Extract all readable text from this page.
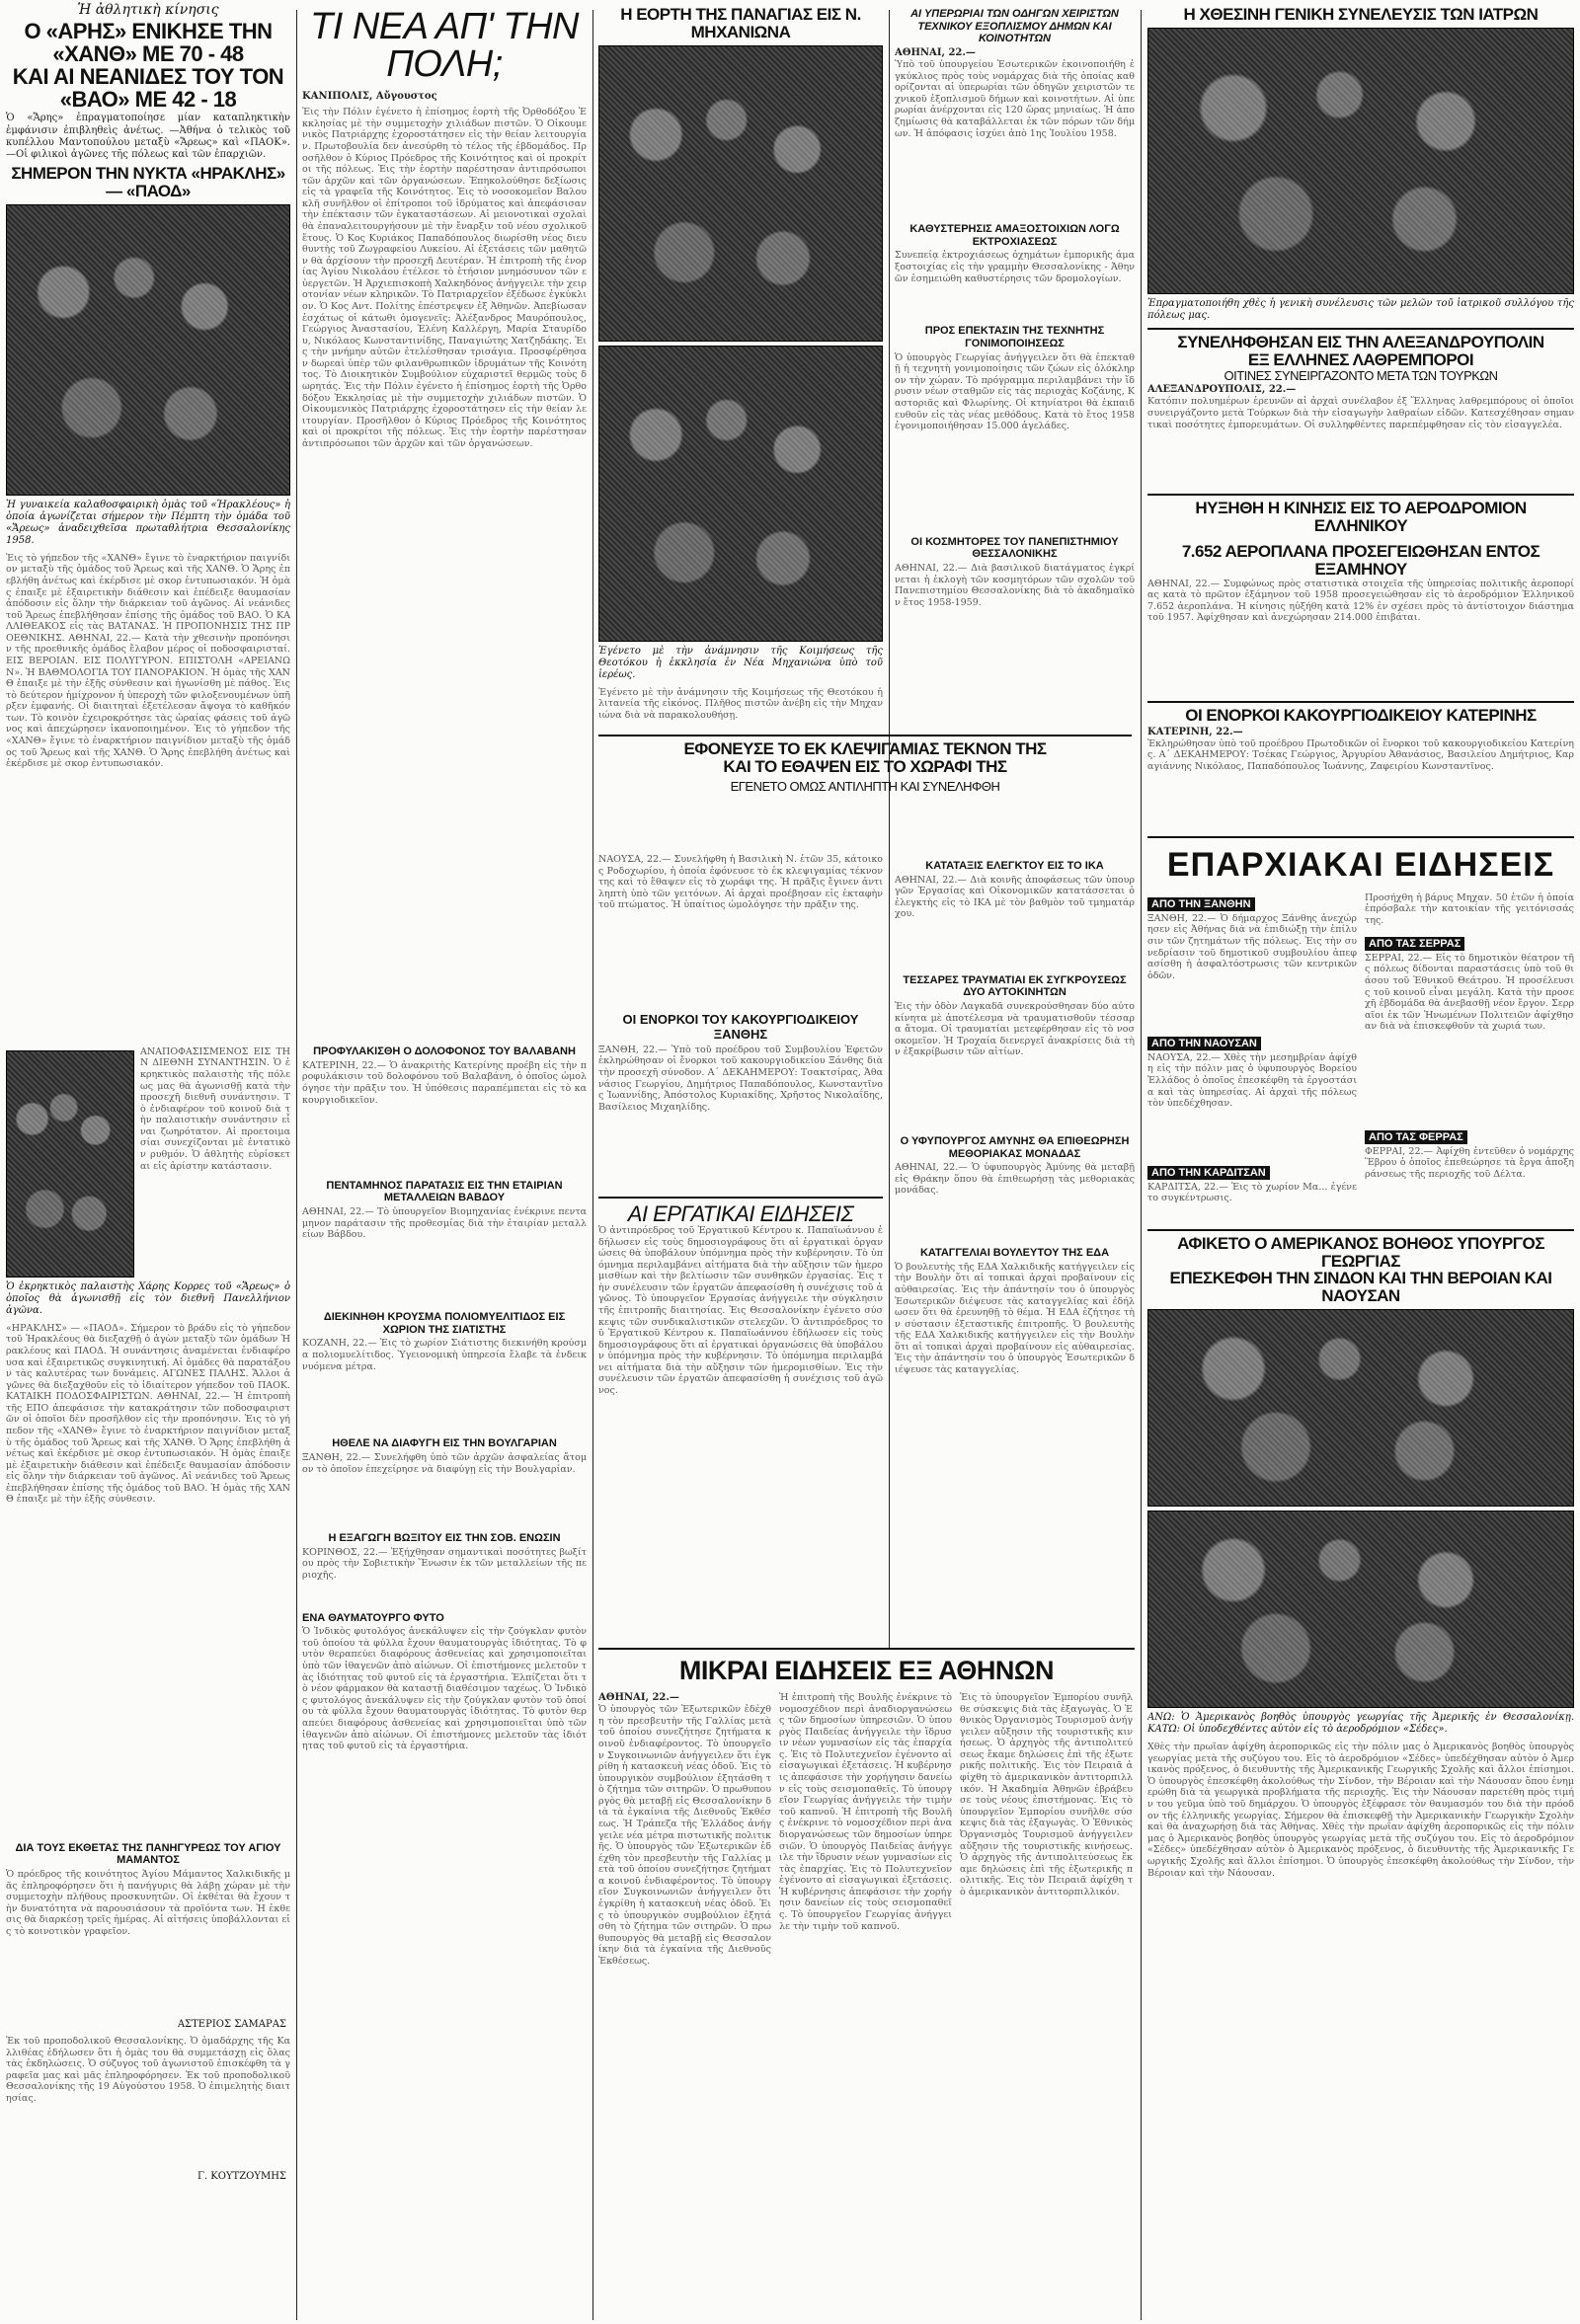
Ἡ ἀθλητικὴ κίνησις
Ο «ΑΡΗΣ» ΕΝΙΚΗΣΕ ΤΗΝ «ΧΑΝΘ» ΜΕ 70 - 48
ΚΑΙ ΑΙ ΝΕΑΝΙΔΕΣ ΤΟΥ ΤΟΝ «ΒΑΟ» ΜΕ 42 - 18
Ὁ «Ἄρης» ἐπραγματοποίησε μίαν καταπληκτικὴν ἐμφάνισιν ἐπιβληθεὶς ἀνέτως. —Ἀθήνα ὁ τελικὸς τοῦ κυπέλλου Μαντοπούλου μεταξὺ «Ἄρεως» καὶ «ΠΑΟΚ». —Οἱ φιλικοὶ ἀγῶνες τῆς πόλεως καὶ τῶν ἐπαρχιῶν.
ΣΗΜΕΡΟΝ ΤΗΝ ΝΥΚΤΑ «ΗΡΑΚΛΗΣ» — «ΠΑΟΔ»
Ἡ γυναικεία καλαθοσφαιρικὴ ὁμὰς τοῦ «Ἡρακλέους» ἡ ὁποία ἀγωνίζεται σήμερον τὴν Πέμπτη τὴν ὁμάδα τοῦ «Ἄρεως» ἀναδειχθεῖσα πρωταθλήτρια Θεσσαλονίκης 1958.
Ἐις τὸ γήπεδον τῆς «ΧΑΝΘ» ἔγινε τὸ ἐναρκτήριον παιγνίδιον μεταξὺ τῆς ὁμάδος τοῦ Ἄρεως καὶ τῆς ΧΑΝΘ. Ὁ Ἄρης ἐπεβλήθη ἀνέτως καὶ ἐκέρδισε μὲ σκορ ἐντυπωσιακόν. Ἡ ὁμὰς ἐπαιξε μὲ ἐξαιρετικὴν διάθεσιν καὶ ἐπέδειξε θαυμασίαν ἀπόδοσιν εἰς ὅλην τὴν διάρκειαν τοῦ ἀγῶνος. Αἱ νεάνιδες τοῦ Ἄρεως ἐπεβλήθησαν ἐπίσης τῆς ὁμάδος τοῦ ΒΑΟ. Ὁ ΚΑΛΛΙΘΕΑΚΟΣ εἰς τὰς ΒΑΤΑΝΑΣ. Ἡ ΠΡΟΠΟΝΗΣΙΣ ΤΗΣ ΠΡΟΕΘΝΙΚΗΣ. ΑΘΗΝΑΙ, 22.— Κατὰ τὴν χθεσινὴν προπόνησιν τῆς προεθνικῆς ὁμάδος ἔλαβον μέρος οἱ ποδοσφαιρισταί. ΕΙΣ ΒΕΡΟΙΑΝ. ΕΙΣ ΠΟΛΥΓΥΡΟΝ. ΕΠΙΣΤΟΛΗ «ΑΡΕΙΑΝΩΝ». Ἡ ΒΑΘΜΟΛΟΓΙΑ ΤΟΥ ΠΑΝΟΡΑΚΙΟΝ. Ἡ ὁμὰς τῆς ΧΑΝΘ ἐπαιξε μὲ τὴν ἑξῆς σύνθεσιν καὶ ἠγωνίσθη μὲ πάθος. Ἐις τὸ δεύτερον ἡμίχρονον ἡ ὑπεροχὴ τῶν φιλοξενουμένων ὑπῆρξεν ἐμφανής. Οἱ διαιτηταὶ ἐξετέλεσαν ἄψογα τὸ καθῆκόν των. Τὸ κοινὸν ἐχειροκρότησε τὰς ὡραίας φάσεις τοῦ ἀγῶνος καὶ ἀπεχώρησεν ἱκανοποιημένον. Ἐις τὸ γήπεδον τῆς «ΧΑΝΘ» ἔγινε τὸ ἐναρκτήριον παιγνίδιον μεταξὺ τῆς ὁμάδος τοῦ Ἄρεως καὶ τῆς ΧΑΝΘ. Ὁ Ἄρης ἐπεβλήθη ἀνέτως καὶ ἐκέρδισε μὲ σκορ ἐντυπωσιακόν.
ΑΝΑΠΟΦΑΣΙΣΜΕΝΟΣ ΕΙΣ ΤΗΝ ΔΙΕΘΝΗ ΣΥΝΑΝΤΗΣΙΝ. Ὁ ἐκρηκτικὸς παλαιστὴς τῆς πόλεως μας θὰ ἀγωνισθῇ κατὰ τὴν προσεχῆ διεθνῆ συνάντησιν. Τὸ ἐνδιαφέρον τοῦ κοινοῦ διὰ τὴν παλαιστικὴν συνάντησιν εἶναι ζωηρότατον. Αἱ προετοιμασίαι συνεχίζονται μὲ ἐντατικὸν ρυθμόν. Ὁ ἀθλητὴς εὑρίσκεται εἰς ἀρίστην κατάστασιν.
Ὁ ἐκρηκτικὸς παλαιστὴς Χάρης Κορρες τοῦ «Ἄρεως» ὁ ὁποῖος θὰ ἀγωνισθῇ εἰς τὸν διεθνῆ Πανελλήνιον ἀγῶνα.
«ΗΡΑΚΛΗΣ» — «ΠΑΟΔ». Σήμερον τὸ βράδυ εἰς τὸ γήπεδον τοῦ Ἡρακλέους θὰ διεξαχθῇ ὁ ἀγὼν μεταξὺ τῶν ὁμάδων Ἡρακλέους καὶ ΠΑΟΔ. Ἡ συνάντησις ἀναμένεται ἐνδιαφέρουσα καὶ ἐξαιρετικῶς συγκινητική. Αἱ ὁμάδες θὰ παρατάξουν τὰς καλυτέρας των δυνάμεις. ΑΓΩΝΕΣ ΠΑΛΗΣ. Ἄλλοι ἀγῶνες θὰ διεξαχθοῦν εἰς τὸ ἰδιαίτερον γήπεδον τοῦ ΠΑΟΚ. ΚΑΤΑΙΚΗ ΠΟΔΟΣΦΑΙΡΙΣΤΩΝ. ΑΘΗΝΑΙ, 22.— Ἡ ἐπιτροπὴ τῆς ΕΠΟ ἀπεφάσισε τὴν κατακράτησιν τῶν ποδοσφαιριστῶν οἱ ὁποῖοι δὲν προσῆλθον εἰς τὴν προπόνησιν. Ἐις τὸ γήπεδον τῆς «ΧΑΝΘ» ἔγινε τὸ ἐναρκτήριον παιγνίδιον μεταξὺ τῆς ὁμάδος τοῦ Ἄρεως καὶ τῆς ΧΑΝΘ. Ὁ Ἄρης ἐπεβλήθη ἀνέτως καὶ ἐκέρδισε μὲ σκορ ἐντυπωσιακόν. Ἡ ὁμὰς ἐπαιξε μὲ ἐξαιρετικὴν διάθεσιν καὶ ἐπέδειξε θαυμασίαν ἀπόδοσιν εἰς ὅλην τὴν διάρκειαν τοῦ ἀγῶνος. Αἱ νεάνιδες τοῦ Ἄρεως ἐπεβλήθησαν ἐπίσης τῆς ὁμάδος τοῦ ΒΑΟ. Ἡ ὁμὰς τῆς ΧΑΝΘ ἐπαιξε μὲ τὴν ἑξῆς σύνθεσιν.
ΔΙΑ ΤΟΥΣ ΕΚΘΕΤΑΣ ΤΗΣ ΠΑΝΗΓΥΡΕΩΣ ΤΟΥ ΑΓΙΟΥ ΜΑΜΑΝΤΟΣ
Ὁ πρόεδρος τῆς κοινότητος Ἁγίου Μάμαντος Χαλκιδικῆς μᾶς ἐπληροφόρησεν ὅτι ἡ πανήγυρις θὰ λάβῃ χώραν μὲ τὴν συμμετοχὴν πλήθους προσκυνητῶν. Οἱ ἐκθέται θὰ ἔχουν τὴν δυνατότητα νὰ παρουσιάσουν τὰ προϊόντα των. Ἡ ἐκθεσις θὰ διαρκέσῃ τρεῖς ἡμέρας. Αἱ αἰτήσεις ὑποβάλλονται εἰς τὸ κοινοτικὸν γραφεῖον.
ΑΣΤΕΡΙΟΣ ΣΑΜΑΡΑΣ
Ἐκ τοῦ προποδολικοῦ Θεσσαλονίκης. Ὁ ὁμαδάρχης τῆς Καλλιθέας ἐδήλωσεν ὅτι ἡ ὁμὰς του θὰ συμμετάσχῃ εἰς ὅλας τὰς ἐκδηλώσεις. Ὁ σύζυγος τοῦ ἀγωνιστοῦ ἐπισκέφθη τὰ γραφεῖα μας καὶ μᾶς ἐπληροφόρησεν. Ἐκ τοῦ προποδολικοῦ Θεσσαλονίκης τῆς 19 Αὐγούστου 1958. Ὁ ἐπιμελητὴς διαιτησίας.
Γ. ΚΟΥΤΖΟΥΜΗΣ
ΤΙ ΝΕΑ ΑΠ' ΤΗΝ ΠΟΛΗ;
ΚΑΝΙΠΟΛΙΣ, Αὔγουστος
Ἐις τὴν Πόλιν ἐγένετο ἡ ἐπίσημος ἑορτὴ τῆς Ὀρθοδόξου Ἐκκλησίας μὲ τὴν συμμετοχὴν χιλιάδων πιστῶν. Ὁ Οἰκουμενικὸς Πατριάρχης ἐχοροστάτησεν εἰς τὴν θείαν λειτουργίαν. Πρωτοβουλία δεν ἀνεσύρθη τὸ τέλος τῆς ἑβδομάδος. Προσῆλθον ὁ Κύριος Πρόεδρος τῆς Κοινότητος καὶ οἱ προκρίτοι τῆς πόλεως. Ἐις τὴν ἑορτὴν παρέστησαν ἀντιπρόσωποι τῶν ἀρχῶν καὶ τῶν ὀργανώσεων. Ἐπηκολούθησε δεξίωσις εἰς τὰ γραφεῖα τῆς Κοινότητος. Ἐις τὸ νοσοκομεῖον Βαλουκλῆ συνῆλθον οἱ ἐπίτροποι τοῦ ἱδρύματος καὶ ἀπεφάσισαν τὴν ἐπέκτασιν τῶν ἐγκαταστάσεων. Αἱ μειονοτικαὶ σχολαὶ θὰ ἐπαναλειτουργήσουν μὲ τὴν ἔναρξιν τοῦ νέου σχολικοῦ ἔτους. Ὁ Κος Κυριάκος Παπαδόπουλος διωρίσθη νέος διευθυντὴς τοῦ Ζωγραφείου Λυκείου. Αἱ ἐξετάσεις τῶν μαθητῶν θὰ ἀρχίσουν τὴν προσεχῆ Δευτέραν. Ἡ ἐπιτροπὴ τῆς ἐνορίας Ἁγίου Νικολάου ἐτέλεσε τὸ ἐτήσιον μνημόσυνον τῶν εὐεργετῶν. Ἡ Ἀρχιεπισκοπὴ Χαλκηδόνος ἀνήγγειλε τὴν χειροτονίαν νέων κληρικῶν. Τὸ Πατριαρχεῖον ἐξέδωσε ἐγκύκλιον. Ὁ Κος Αντ. Πολίτης ἐπέστρεψεν ἐξ Ἀθηνῶν. Ἀπεβίωσαν ἐσχάτως οἱ κάτωθι ὁμογενεῖς: Ἀλέξανδρος Μαυρόπουλος, Γεώργιος Ἀναστασίου, Ἑλένη Καλλέργη, Μαρία Σταυρίδου, Νικόλαος Κωνσταντινίδης, Παναγιώτης Χατζηδάκης. Ἐις τὴν μνήμην αὐτῶν ἐτελέσθησαν τρισάγια. Προσφέρθησαν δωρεαὶ ὑπὲρ τῶν φιλανθρωπικῶν ἱδρυμάτων τῆς Κοινότητος. Τὸ Διοικητικὸν Συμβούλιον εὐχαριστεῖ θερμῶς τοὺς δωρητάς. Ἐις τὴν Πόλιν ἐγένετο ἡ ἐπίσημος ἑορτὴ τῆς Ὀρθοδόξου Ἐκκλησίας μὲ τὴν συμμετοχὴν χιλιάδων πιστῶν. Ὁ Οἰκουμενικὸς Πατριάρχης ἐχοροστάτησεν εἰς τὴν θείαν λειτουργίαν. Προσῆλθον ὁ Κύριος Πρόεδρος τῆς Κοινότητος καὶ οἱ προκρίτοι τῆς πόλεως. Ἐις τὴν ἑορτὴν παρέστησαν ἀντιπρόσωποι τῶν ἀρχῶν καὶ τῶν ὀργανώσεων.
ΠΡΟΦΥΛΑΚΙΣΘΗ Ο ΔΟΛΟΦΟΝΟΣ ΤΟΥ ΒΑΛΑΒΑΝΗ
ΚΑΤΕΡΙΝΗ, 22.— Ὁ ἀνακριτὴς Κατερίνης προέβη εἰς τὴν προφυλάκισιν τοῦ δολοφόνου τοῦ Βαλαβάνη, ὁ ὁποῖος ὡμολόγησε τὴν πρᾶξιν του. Ἡ ὑπόθεσις παραπέμπεται εἰς τὸ κακουργιοδικεῖον.
ΠΕΝΤΑΜΗΝΟΣ ΠΑΡΑΤΑΣΙΣ ΕΙΣ ΤΗΝ ΕΤΑΙΡΙΑΝ ΜΕΤΑΛΛΕΙΩΝ ΒΑΒΔΟΥ
ΑΘΗΝΑΙ, 22.— Τὸ ὑπουργεῖον Βιομηχανίας ἐνέκρινε πενταμηνον παράτασιν τῆς προθεσμίας διὰ τὴν ἐταιρίαν μεταλλείων Βάβδου.
ΔΙΕΚΙΝΗΘΗ ΚΡΟΥΣΜΑ ΠΟΛΙΟΜΥΕΛΙΤΙΔΟΣ ΕΙΣ ΧΩΡΙΟΝ ΤΗΣ ΣΙΑΤΙΣΤΗΣ
ΚΟΖΑΝΗ, 22.— Ἐις τὸ χωρίον Σιάτιστης διεκινήθη κρούσμα πολιομυελίτιδος. Ὑγειονομικὴ ὑπηρεσία ἔλαβε τὰ ἐνδεικνυόμενα μέτρα.
ΗΘΕΛΕ ΝΑ ΔΙΑΦΥΓΗ ΕΙΣ ΤΗΝ ΒΟΥΛΓΑΡΙΑΝ
ΞΑΝΘΗ, 22.— Συνελήφθη ὑπὸ τῶν ἀρχῶν ἀσφαλείας ἄτομον τὸ ὁποῖον ἐπεχείρησε νὰ διαφύγῃ εἰς τὴν Βουλγαρίαν.
Η ΕΞΑΓΩΓΗ ΒΩΞΙΤΟΥ ΕΙΣ ΤΗΝ ΣΟΒ. ΕΝΩΣΙΝ
ΚΟΡΙΝΘΟΣ, 22.— Ἐξήχθησαν σημαντικαὶ ποσότητες βωξίτου πρὸς τὴν Σοβιετικὴν Ἕνωσιν ἐκ τῶν μεταλλείων τῆς περιοχῆς.
ΕΝΑ ΘΑΥΜΑΤΟΥΡΓΟ ΦΥΤΟ
Ὁ Ἰνδικὸς φυτολόγος ἀνεκάλυψεν εἰς τὴν ζούγκλαν φυτὸν τοῦ ὁποίου τὰ φύλλα ἔχουν θαυματουργὰς ἰδιότητας. Τὸ φυτὸν θεραπεύει διαφόρους ἀσθενείας καὶ χρησιμοποιεῖται ὑπὸ τῶν ἰθαγενῶν ἀπὸ αἰώνων. Οἱ ἐπιστήμονες μελετοῦν τὰς ἰδιότητας τοῦ φυτοῦ εἰς τὰ ἐργαστήρια. Ἐλπίζεται ὅτι τὸ νέον φάρμακον θὰ καταστῇ διαθέσιμον ταχέως. Ὁ Ἰνδικὸς φυτολόγος ἀνεκάλυψεν εἰς τὴν ζούγκλαν φυτὸν τοῦ ὁποίου τὰ φύλλα ἔχουν θαυματουργὰς ἰδιότητας. Τὸ φυτὸν θεραπεύει διαφόρους ἀσθενείας καὶ χρησιμοποιεῖται ὑπὸ τῶν ἰθαγενῶν ἀπὸ αἰώνων. Οἱ ἐπιστήμονες μελετοῦν τὰς ἰδιότητας τοῦ φυτοῦ εἰς τὰ ἐργαστήρια.
Η ΕΟΡΤΗ ΤΗΣ ΠΑΝΑΓΙΑΣ ΕΙΣ Ν. ΜΗΧΑΝΙΩΝΑ
Ἐγένετο μὲ τὴν ἀνάμνησιν τῆς Κοιμήσεως τῆς Θεοτόκου ἡ ἐκκλησία ἐν Νέα Μηχανιώνα ὑπὸ τοῦ ἱερέως.
Ἐγένετο μὲ τὴν ἀνάμνησιν τῆς Κοιμήσεως τῆς Θεοτόκου ἡ λιτανεία τῆς εἰκόνος. Πλῆθος πιστῶν ἀνέβη εἰς τὴν Μηχανιώνα διὰ νὰ παρακολουθήσῃ.
ΕΦΟΝΕΥΣΕ ΤΟ ΕΚ ΚΛΕΨΙΓΑΜΙΑΣ ΤΕΚΝΟΝ ΤΗΣ
ΚΑΙ ΤΟ ΕΘΑΨΕΝ ΕΙΣ ΤΟ ΧΩΡΑΦΙ ΤΗΣ
ΕΓΕΝΕΤΟ ΟΜΩΣ ΑΝΤΙΛΗΠΤΗ ΚΑΙ ΣΥΝΕΛΗΦΘΗ
ΝΑΟΥΣΑ, 22.— Συνελήφθη ἡ Βασιλικὴ Ν. ἐτῶν 35, κάτοικος Ροδοχωρίου, ἡ ὁποία ἐφόνευσε τὸ ἐκ κλεψιγαμίας τέκνον της καὶ τὸ ἔθαψεν εἰς τὸ χωράφι της. Ἡ πρᾶξις ἔγινεν ἀντιληπτὴ ὑπὸ τῶν γειτόνων. Αἱ ἀρχαὶ προέβησαν εἰς ἐκταφὴν τοῦ πτώματος. Ἡ ὑπαίτιος ὡμολόγησε τὴν πρᾶξιν της.
ΟΙ ΕΝΟΡΚΟΙ ΤΟΥ ΚΑΚΟΥΡΓΙΟΔΙΚΕΙΟΥ ΞΑΝΘΗΣ
ΞΑΝΘΗ, 22.— Ὑπὸ τοῦ προέδρου τοῦ Συμβουλίου Ἐφετῶν ἐκληρώθησαν οἱ ἔνορκοι τοῦ κακουργιοδικείου Ξάνθης διὰ τὴν προσεχῆ σύνοδον. Α΄ ΔΕΚΑΗΜΕΡΟΥ: Τσακτσίρας, Ἀθανάσιος Γεωργίου, Δημήτριος Παπαδόπουλος, Κωνσταντῖνος Ἰωαννίδης, Ἀπόστολος Κυριακίδης, Χρῆστος Νικολαΐδης, Βασίλειος Μιχαηλίδης.
ΑΙ ΕΡΓΑΤΙΚΑΙ ΕΙΔΗΣΕΙΣ
Ὁ ἀντιπρόεδρος τοῦ Ἐργατικοῦ Κέντρου κ. Παπαϊωάννου ἐδήλωσεν εἰς τοὺς δημοσιογράφους ὅτι αἱ ἐργατικαὶ ὀργανώσεις θὰ ὑποβάλουν ὑπόμνημα πρὸς τὴν κυβέρνησιν. Τὸ ὑπόμνημα περιλαμβάνει αἰτήματα διὰ τὴν αὔξησιν τῶν ἡμερομισθίων καὶ τὴν βελτίωσιν τῶν συνθηκῶν ἐργασίας. Ἐις τὴν συνέλευσιν τῶν ἐργατῶν ἀπεφασίσθη ἡ συνέχισις τοῦ ἀγῶνος. Τὸ ὑπουργεῖον Ἐργασίας ἀνήγγειλε τὴν σύγκλησιν τῆς ἐπιτροπῆς διαιτησίας. Ἐις Θεσσαλονίκην ἐγένετο σύσκεψις τῶν συνδικαλιστικῶν στελεχῶν. Ὁ ἀντιπρόεδρος τοῦ Ἐργατικοῦ Κέντρου κ. Παπαϊωάννου ἐδήλωσεν εἰς τοὺς δημοσιογράφους ὅτι αἱ ἐργατικαὶ ὀργανώσεις θὰ ὑποβάλουν ὑπόμνημα πρὸς τὴν κυβέρνησιν. Τὸ ὑπόμνημα περιλαμβάνει αἰτήματα διὰ τὴν αὔξησιν τῶν ἡμερομισθίων. Ἐις τὴν συνέλευσιν τῶν ἐργατῶν ἀπεφασίσθη ἡ συνέχισις τοῦ ἀγῶνος.
ΑΙ ΥΠΕΡΩΡΙΑΙ ΤΩΝ ΟΔΗΓΩΝ ΧΕΙΡΙΣΤΩΝ ΤΕΧΝΙΚΟΥ ΕΞΟΠΛΙΣΜΟΥ ΔΗΜΩΝ ΚΑΙ ΚΟΙΝΟΤΗΤΩΝ
ΑΘΗΝΑΙ, 22.—
Ὑπὸ τοῦ ὑπουργείου Ἐσωτερικῶν ἐκοινοποιήθη ἐγκύκλιος πρὸς τοὺς νομάρχας διὰ τῆς ὁποίας καθορίζονται αἱ ὑπερωρίαι τῶν ὁδηγῶν χειριστῶν τεχνικοῦ ἐξοπλισμοῦ δήμων καὶ κοινοτήτων. Αἱ ὑπερωρίαι ἀνέρχονται εἰς 120 ὥρας μηνιαίως. Ἡ ἀποζημίωσις θὰ καταβάλλεται ἐκ τῶν πόρων τῶν δήμων. Ἡ ἀπόφασις ἰσχύει ἀπὸ 1ης Ἰουλίου 1958.
ΚΑΘΥΣΤΕΡΗΣΙΣ ΑΜΑΞΟΣΤΟΙΧΙΩΝ ΛΟΓΩ ΕΚΤΡΟΧΙΑΣΕΩΣ
Συνεπείᾳ ἐκτροχιάσεως ὀχημάτων ἐμπορικῆς ἀμαξοστοιχίας εἰς τὴν γραμμὴν Θεσσαλονίκης - Ἀθηνῶν ἐσημειώθη καθυστέρησις τῶν δρομολογίων.
ΠΡΟΣ ΕΠΕΚΤΑΣΙΝ ΤΗΣ ΤΕΧΝΗΤΗΣ ΓΟΝΙΜΟΠΟΙΗΣΕΩΣ
Ὁ ὑπουργὸς Γεωργίας ἀνήγγειλεν ὅτι θὰ ἐπεκταθῇ ἡ τεχνητὴ γονιμοποίησις τῶν ζώων εἰς ὁλόκληρον τὴν χώραν. Τὸ πρόγραμμα περιλαμβάνει τὴν ἵδρυσιν νέων σταθμῶν εἰς τὰς περιοχὰς Κοζάνης, Καστοριᾶς καὶ Φλωρίνης. Οἱ κτηνίατροι θὰ ἐκπαιδευθοῦν εἰς τὰς νέας μεθόδους. Κατὰ τὸ ἔτος 1958 ἐγονιμοποιήθησαν 15.000 ἀγελάδες.
ΟΙ ΚΟΣΜΗΤΟΡΕΣ ΤΟΥ ΠΑΝΕΠΙΣΤΗΜΙΟΥ ΘΕΣΣΑΛΟΝΙΚΗΣ
ΑΘΗΝΑΙ, 22.— Διὰ βασιλικοῦ διατάγματος ἐγκρίνεται ἡ ἐκλογὴ τῶν κοσμητόρων τῶν σχολῶν τοῦ Πανεπιστημίου Θεσσαλονίκης διὰ τὸ ἀκαδημαϊκὸν ἔτος 1958-1959.
ΚΑΤΑΤΑΞΙΣ ΕΛΕΓΚΤΟΥ ΕΙΣ ΤΟ ΙΚΑ
ΑΘΗΝΑΙ, 22.— Διὰ κοινῆς ἀποφάσεως τῶν ὑπουργῶν Ἐργασίας καὶ Οἰκονομικῶν κατατάσσεται ὁ ἐλεγκτὴς εἰς τὸ ΙΚΑ μὲ τὸν βαθμὸν τοῦ τμηματάρχου.
ΤΕΣΣΑΡΕΣ ΤΡΑΥΜΑΤΙΑΙ ΕΚ ΣΥΓΚΡΟΥΣΕΩΣ ΔΥΟ ΑΥΤΟΚΙΝΗΤΩΝ
Ἐις τὴν ὁδὸν Λαγκαδᾶ συνεκρούσθησαν δύο αὐτοκίνητα μὲ ἀποτέλεσμα νὰ τραυματισθοῦν τέσσαρα ἄτομα. Οἱ τραυματίαι μετεφέρθησαν εἰς τὸ νοσοκομεῖον. Ἡ Τροχαία διενεργεῖ ἀνακρίσεις διὰ τὴν ἐξακρίβωσιν τῶν αἰτίων.
Ο ΥΦΥΠΟΥΡΓΟΣ ΑΜΥΝΗΣ ΘΑ ΕΠΙΘΕΩΡΗΣΗ ΜΕΘΟΡΙΑΚΑΣ ΜΟΝΑΔΑΣ
ΑΘΗΝΑΙ, 22.— Ὁ ὑφυπουργὸς Ἀμύνης θὰ μεταβῇ εἰς Θράκην ὅπου θὰ ἐπιθεωρήσῃ τὰς μεθοριακὰς μονάδας.
ΚΑΤΑΓΓΕΛΙΑΙ ΒΟΥΛΕΥΤΟΥ ΤΗΣ ΕΔΑ
Ὁ βουλευτὴς τῆς ΕΔΑ Χαλκιδικῆς κατήγγειλεν εἰς τὴν Βουλὴν ὅτι αἱ τοπικαὶ ἀρχαὶ προβαίνουν εἰς αὐθαιρεσίας. Ἐις τὴν ἀπάντησίν του ὁ ὑπουργὸς Ἐσωτερικῶν διέψευσε τὰς καταγγελίας καὶ ἐδήλωσεν ὅτι θὰ ἐρευνηθῇ τὸ θέμα. Ἡ ΕΔΑ ἐζήτησε τὴν σύστασιν ἐξεταστικῆς ἐπιτροπῆς. Ὁ βουλευτὴς τῆς ΕΔΑ Χαλκιδικῆς κατήγγειλεν εἰς τὴν Βουλὴν ὅτι αἱ τοπικαὶ ἀρχαὶ προβαίνουν εἰς αὐθαιρεσίας. Ἐις τὴν ἀπάντησίν του ὁ ὑπουργὸς Ἐσωτερικῶν διέψευσε τὰς καταγγελίας.
Η ΧΘΕΣΙΝΗ ΓΕΝΙΚΗ ΣΥΝΕΛΕΥΣΙΣ ΤΩΝ ΙΑΤΡΩΝ
Ἐπραγματοποιήθη χθὲς ἡ γενικὴ συνέλευσις τῶν μελῶν τοῦ ἰατρικοῦ συλλόγου τῆς πόλεως μας.
ΣΥΝΕΛΗΦΘΗΣΑΝ ΕΙΣ ΤΗΝ ΑΛΕΞΑΝΔΡΟΥΠΟΛΙΝ
ΕΞ ΕΛΛΗΝΕΣ ΛΑΘΡΕΜΠΟΡΟΙ
ΟΙΤΙΝΕΣ ΣΥΝΕΙΡΓΑΖΟΝΤΟ ΜΕΤΑ ΤΩΝ ΤΟΥΡΚΩΝ
ΑΛΕΞΑΝΔΡΟΥΠΟΛΙΣ, 22.—
Κατόπιν πολυημέρων ἐρευνῶν αἱ ἀρχαὶ συνέλαβον ἐξ Ἕλληνας λαθρεμπόρους οἱ ὁποῖοι συνειργάζοντο μετὰ Τούρκων διὰ τὴν εἰσαγωγὴν λαθραίων εἰδῶν. Κατεσχέθησαν σημαντικαὶ ποσότητες ἐμπορευμάτων. Οἱ συλληφθέντες παρεπέμφθησαν εἰς τὸν εἰσαγγελέα.
ΗΥΞΗΘΗ Η ΚΙΝΗΣΙΣ ΕΙΣ ΤΟ ΑΕΡΟΔΡΟΜΙΟΝ ΕΛΛΗΝΙΚΟΥ
7.652 ΑΕΡΟΠΛΑΝΑ ΠΡΟΣΕΓΕΙΩΘΗΣΑΝ ΕΝΤΟΣ ΕΞΑΜΗΝΟΥ
ΑΘΗΝΑΙ, 22.— Συμφώνως πρὸς στατιστικὰ στοιχεῖα τῆς ὑπηρεσίας πολιτικῆς ἀεροπορίας κατὰ τὸ πρῶτον ἑξάμηνον τοῦ 1958 προσεγειώθησαν εἰς τὸ ἀεροδρόμιον Ἑλληνικοῦ 7.652 ἀεροπλάνα. Ἡ κίνησις ηὐξήθη κατὰ 12% ἐν σχέσει πρὸς τὸ ἀντίστοιχον διάστημα τοῦ 1957. Ἀφίχθησαν καὶ ἀνεχώρησαν 214.000 ἐπιβάται.
ΟΙ ΕΝΟΡΚΟΙ ΚΑΚΟΥΡΓΙΟΔΙΚΕΙΟΥ ΚΑΤΕΡΙΝΗΣ
ΚΑΤΕΡΙΝΗ, 22.—
Ἐκληρώθησαν ὑπὸ τοῦ προέδρου Πρωτοδικῶν οἱ ἔνορκοι τοῦ κακουργιοδικείου Κατερίνης. Α΄ ΔΕΚΑΗΜΕΡΟΥ: Τσέκας Γεώργιος, Ἀργυρίου Ἀθανάσιος, Βασιλείου Δημήτριος, Καραγιάννης Νικόλαος, Παπαδόπουλος Ἰωάννης, Ζαφειρίου Κωνσταντῖνος.
ΕΠΑΡΧΙΑΚΑΙ ΕΙΔΗΣΕΙΣ
ΑΠΟ ΤΗΝ ΞΑΝΘΗΝ
ΞΑΝΘΗ, 22.— Ὁ δήμαρχος Ξάνθης ἀνεχώρησεν εἰς Ἀθήνας διὰ νὰ ἐπιδιώξῃ τὴν ἐπίλυσιν τῶν ζητημάτων τῆς πόλεως. Ἐις τὴν συνεδρίασιν τοῦ δημοτικοῦ συμβουλίου ἀπεφασίσθη ἡ ἀσφαλτόστρωσις τῶν κεντρικῶν ὁδῶν.
ΑΠΟ ΤΗΝ ΝΑΟΥΣΑΝ
ΝΑΟΥΣΑ, 22.— Χθὲς τὴν μεσημβρίαν ἀφίχθη εἰς τὴν πόλιν μας ὁ ὑφυπουργὸς Βορείου Ἑλλάδος ὁ ὁποῖος ἐπεσκέφθη τὰ ἐργοστάσια καὶ τὰς ὑπηρεσίας. Αἱ ἀρχαὶ τῆς πόλεως τὸν ὑπεδέχθησαν.
ΑΠΟ ΤΗΝ ΚΑΡΔΙΤΣΑΝ
ΚΑΡΔΙΤΣΑ, 22.— Ἐις τὸ χωρίον Μα... ἐγένετο συγκέντρωσις.
Προσήχθη ἡ βάρυς Μηχαν. 50 ἐτῶν ἡ ὁποία ἐπρόσβαλε τὴν κατοικίαν τῆς γειτόνισσάς της.
ΑΠΟ ΤΑΣ ΣΕΡΡΑΣ
ΣΕΡΡΑΙ, 22.— Εἰς τὸ δημοτικὸν θέατρον τῆς πόλεως δίδονται παραστάσεις ὑπὸ τοῦ θιάσου τοῦ Ἐθνικοῦ Θεάτρου. Ἡ προσέλευσις τοῦ κοινοῦ εἶναι μεγάλη. Κατὰ τὴν προσεχῆ ἑβδομάδα θὰ ἀνεβασθῇ νέον ἔργον. Σερραῖοι ἐκ τῶν Ἠνωμένων Πολιτειῶν ἀφίχθησαν διὰ νὰ ἐπισκεφθοῦν τὰ χωριά των.
ΑΠΟ ΤΑΣ ΦΕΡΡΑΣ
ΦΕΡΡΑΙ, 22.— Ἀφίχθη ἐντεῦθεν ὁ νομάρχης Ἕβρου ὁ ὁποῖος ἐπεθεώρησε τὰ ἔργα ἀποξηράνσεως τῆς περιοχῆς τοῦ Δέλτα.
ΑΦΙΚΕΤΟ Ο ΑΜΕΡΙΚΑΝΟΣ ΒΟΗΘΟΣ ΥΠΟΥΡΓΟΣ ΓΕΩΡΓΙΑΣ
ΕΠΕΣΚΕΦΘΗ ΤΗΝ ΣΙΝΔΟΝ ΚΑΙ ΤΗΝ ΒΕΡΟΙΑΝ ΚΑΙ ΝΑΟΥΣΑΝ
ΑΝΩ: Ὁ Ἀμερικανὸς βοηθὸς ὑπουργὸς γεωργίας τῆς Ἀμερικῆς ἐν Θεσσαλονίκῃ. ΚΑΤΩ: Οἱ ὑποδεχθέντες αὐτὸν εἰς τὸ ἀεροδρόμιον «Σέδες».
Χθὲς τὴν πρωΐαν ἀφίχθη ἀεροπορικῶς εἰς τὴν πόλιν μας ὁ Ἀμερικανὸς βοηθὸς ὑπουργὸς γεωργίας μετὰ τῆς συζύγου του. Εἰς τὸ ἀεροδρόμιον «Σέδες» ὑπεδέχθησαν αὐτὸν ὁ Ἀμερικανὸς πρόξενος, ὁ διευθυντὴς τῆς Ἀμερικανικῆς Γεωργικῆς Σχολῆς καὶ ἄλλοι ἐπίσημοι. Ὁ ὑπουργὸς ἐπεσκέφθη ἀκολούθως τὴν Σίνδον, τὴν Βέροιαν καὶ τὴν Νάουσαν ὅπου ἐνημερώθη διὰ τὰ γεωργικὰ προβλήματα τῆς περιοχῆς. Ἐις τὴν Νάουσαν παρετέθη πρὸς τιμήν του γεῦμα ὑπὸ τοῦ δημάρχου. Ὁ ὑπουργὸς ἐξέφρασε τὸν θαυμασμόν του διὰ τὴν πρόοδον τῆς ἑλληνικῆς γεωργίας. Σήμερον θὰ ἐπισκεφθῇ τὴν Ἀμερικανικὴν Γεωργικὴν Σχολὴν καὶ θὰ ἀναχωρήσῃ διὰ τὰς Ἀθήνας. Χθὲς τὴν πρωΐαν ἀφίχθη ἀεροπορικῶς εἰς τὴν πόλιν μας ὁ Ἀμερικανὸς βοηθὸς ὑπουργὸς γεωργίας μετὰ τῆς συζύγου του. Εἰς τὸ ἀεροδρόμιον «Σέδες» ὑπεδέχθησαν αὐτὸν ὁ Ἀμερικανὸς πρόξενος, ὁ διευθυντὴς τῆς Ἀμερικανικῆς Γεωργικῆς Σχολῆς καὶ ἄλλοι ἐπίσημοι. Ὁ ὑπουργὸς ἐπεσκέφθη ἀκολούθως τὴν Σίνδον, τὴν Βέροιαν καὶ τὴν Νάουσαν.
ΜΙΚΡΑΙ ΕΙΔΗΣΕΙΣ ΕΞ ΑΘΗΝΩΝ
ΑΘΗΝΑΙ, 22.—
Ὁ ὑπουργὸς τῶν Ἐξωτερικῶν ἐδέχθη τὸν πρεσβευτὴν τῆς Γαλλίας μετὰ τοῦ ὁποίου συνεζήτησε ζητήματα κοινοῦ ἐνδιαφέροντος. Τὸ ὑπουργεῖον Συγκοινωνιῶν ἀνήγγειλεν ὅτι ἐγκρίθη ἡ κατασκευὴ νέας ὁδοῦ. Ἐις τὸ ὑπουργικὸν συμβούλιον ἐξητάσθη τὸ ζήτημα τῶν σιτηρῶν. Ὁ πρωθυπουργὸς θὰ μεταβῇ εἰς Θεσσαλονίκην διὰ τὰ ἐγκαίνια τῆς Διεθνοῦς Ἐκθέσεως. Ἡ Τράπεζα τῆς Ἑλλάδος ἀνήγγειλε νέα μέτρα πιστωτικῆς πολιτικῆς. Ὁ ὑπουργὸς τῶν Ἐξωτερικῶν ἐδέχθη τὸν πρεσβευτὴν τῆς Γαλλίας μετὰ τοῦ ὁποίου συνεζήτησε ζητήματα κοινοῦ ἐνδιαφέροντος. Τὸ ὑπουργεῖον Συγκοινωνιῶν ἀνήγγειλεν ὅτι ἐγκρίθη ἡ κατασκευὴ νέας ὁδοῦ. Ἐις τὸ ὑπουργικὸν συμβούλιον ἐξητάσθη τὸ ζήτημα τῶν σιτηρῶν. Ὁ πρωθυπουργὸς θὰ μεταβῇ εἰς Θεσσαλονίκην διὰ τὰ ἐγκαίνια τῆς Διεθνοῦς Ἐκθέσεως.
Ἡ ἐπιτροπὴ τῆς Βουλῆς ἐνέκρινε τὸ νομοσχέδιον περὶ ἀναδιοργανώσεως τῶν δημοσίων ὑπηρεσιῶν. Ὁ ὑπουργὸς Παιδείας ἀνήγγειλε τὴν ἵδρυσιν νέων γυμνασίων εἰς τὰς ἐπαρχίας. Ἐις τὸ Πολυτεχνεῖον ἐγένοντο αἱ εἰσαγωγικαὶ ἐξετάσεις. Ἡ κυβέρνησις ἀπεφάσισε τὴν χορήγησιν δανείων εἰς τοὺς σεισμοπαθεῖς. Τὸ ὑπουργεῖον Γεωργίας ἀνήγγειλε τὴν τιμὴν τοῦ καπνοῦ. Ἡ ἐπιτροπὴ τῆς Βουλῆς ἐνέκρινε τὸ νομοσχέδιον περὶ ἀναδιοργανώσεως τῶν δημοσίων ὑπηρεσιῶν. Ὁ ὑπουργὸς Παιδείας ἀνήγγειλε τὴν ἵδρυσιν νέων γυμνασίων εἰς τὰς ἐπαρχίας. Ἐις τὸ Πολυτεχνεῖον ἐγένοντο αἱ εἰσαγωγικαὶ ἐξετάσεις. Ἡ κυβέρνησις ἀπεφάσισε τὴν χορήγησιν δανείων εἰς τοὺς σεισμοπαθεῖς. Τὸ ὑπουργεῖον Γεωργίας ἀνήγγειλε τὴν τιμὴν τοῦ καπνοῦ.
Ἐις τὸ ὑπουργεῖον Ἐμπορίου συνῆλθε σύσκεψις διὰ τὰς ἐξαγωγὰς. Ὁ Ἐθνικὸς Ὀργανισμὸς Τουρισμοῦ ἀνήγγειλεν αὔξησιν τῆς τουριστικῆς κινήσεως. Ὁ ἀρχηγὸς τῆς ἀντιπολιτεύσεως ἔκαμε δηλώσεις ἐπὶ τῆς ἐξωτερικῆς πολιτικῆς. Ἐις τὸν Πειραιᾶ ἀφίχθη τὸ ἀμερικανικὸν ἀντιτορπιλλικόν. Ἡ Ἀκαδημία Ἀθηνῶν ἐβράβευσε τοὺς νέους ἐπιστήμονας. Ἐις τὸ ὑπουργεῖον Ἐμπορίου συνῆλθε σύσκεψις διὰ τὰς ἐξαγωγὰς. Ὁ Ἐθνικὸς Ὀργανισμὸς Τουρισμοῦ ἀνήγγειλεν αὔξησιν τῆς τουριστικῆς κινήσεως. Ὁ ἀρχηγὸς τῆς ἀντιπολιτεύσεως ἔκαμε δηλώσεις ἐπὶ τῆς ἐξωτερικῆς πολιτικῆς. Ἐις τὸν Πειραιᾶ ἀφίχθη τὸ ἀμερικανικὸν ἀντιτορπιλλικόν.
